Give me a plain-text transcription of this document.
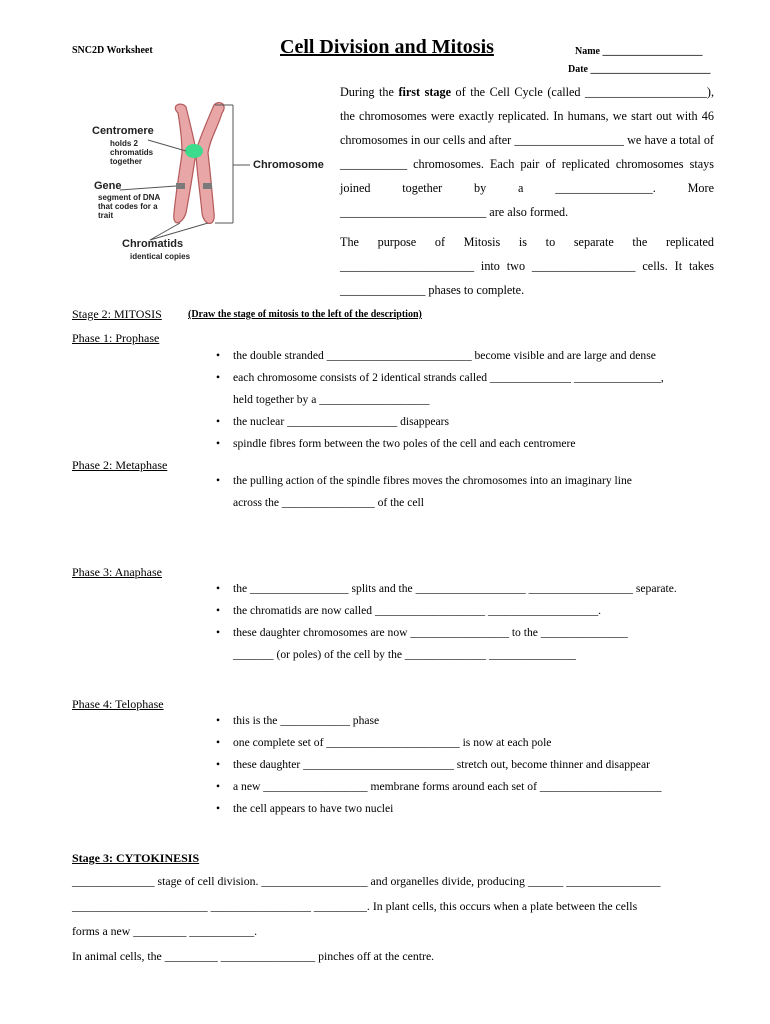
SNC2D Worksheet	Cell Division and Mitosis	Name ____________________
Date ________________________
Centromere
holds 2
chromatids
together	Chromosome
Gene
segment of DNA
that codes for a
trait
Chromatids
identical copies

During the first stage of the Cell Cycle (called ____________________), the chromosomes were exactly replicated. In humans, we start out with 46 chromosomes in our cells and after __________________ we have a total of ___________ chromosomes. Each pair of replicated chromosomes stays joined together by a ________________. More ________________________ are also formed.

The purpose of Mitosis is to separate the replicated ______________________ into two _________________ cells. It takes ______________ phases to complete.

Stage 2: MITOSIS	(Draw the stage of mitosis to the left of the description)
Phase 1: Prophase
• the double stranded _________________________ become visible and are large and dense
• each chromosome consists of 2 identical strands called ______________ _______________,
held together by a ___________________
• the nuclear ___________________ disappears
• spindle fibres form between the two poles of the cell and each centromere
Phase 2: Metaphase
• the pulling action of the spindle fibres moves the chromosomes into an imaginary line
across the ________________ of the cell
Phase 3: Anaphase
• the _________________ splits and the ___________________ __________________ separate.
• the chromatids are now called ___________________ ___________________.
• these daughter chromosomes are now _________________ to the _______________
_______ (or poles) of the cell by the ______________ _______________
Phase 4: Telophase
• this is the ____________ phase
• one complete set of _______________________ is now at each pole
• these daughter __________________________ stretch out, become thinner and disappear
• a new __________________ membrane forms around each set of _____________________
• the cell appears to have two nuclei
Stage 3: CYTOKINESIS
______________ stage of cell division. __________________ and organelles divide, producing ______ ________________
_______________________ _________________ _________. In plant cells, this occurs when a plate between the cells
forms a new _________ ___________.
In animal cells, the _________ ________________ pinches off at the centre.
